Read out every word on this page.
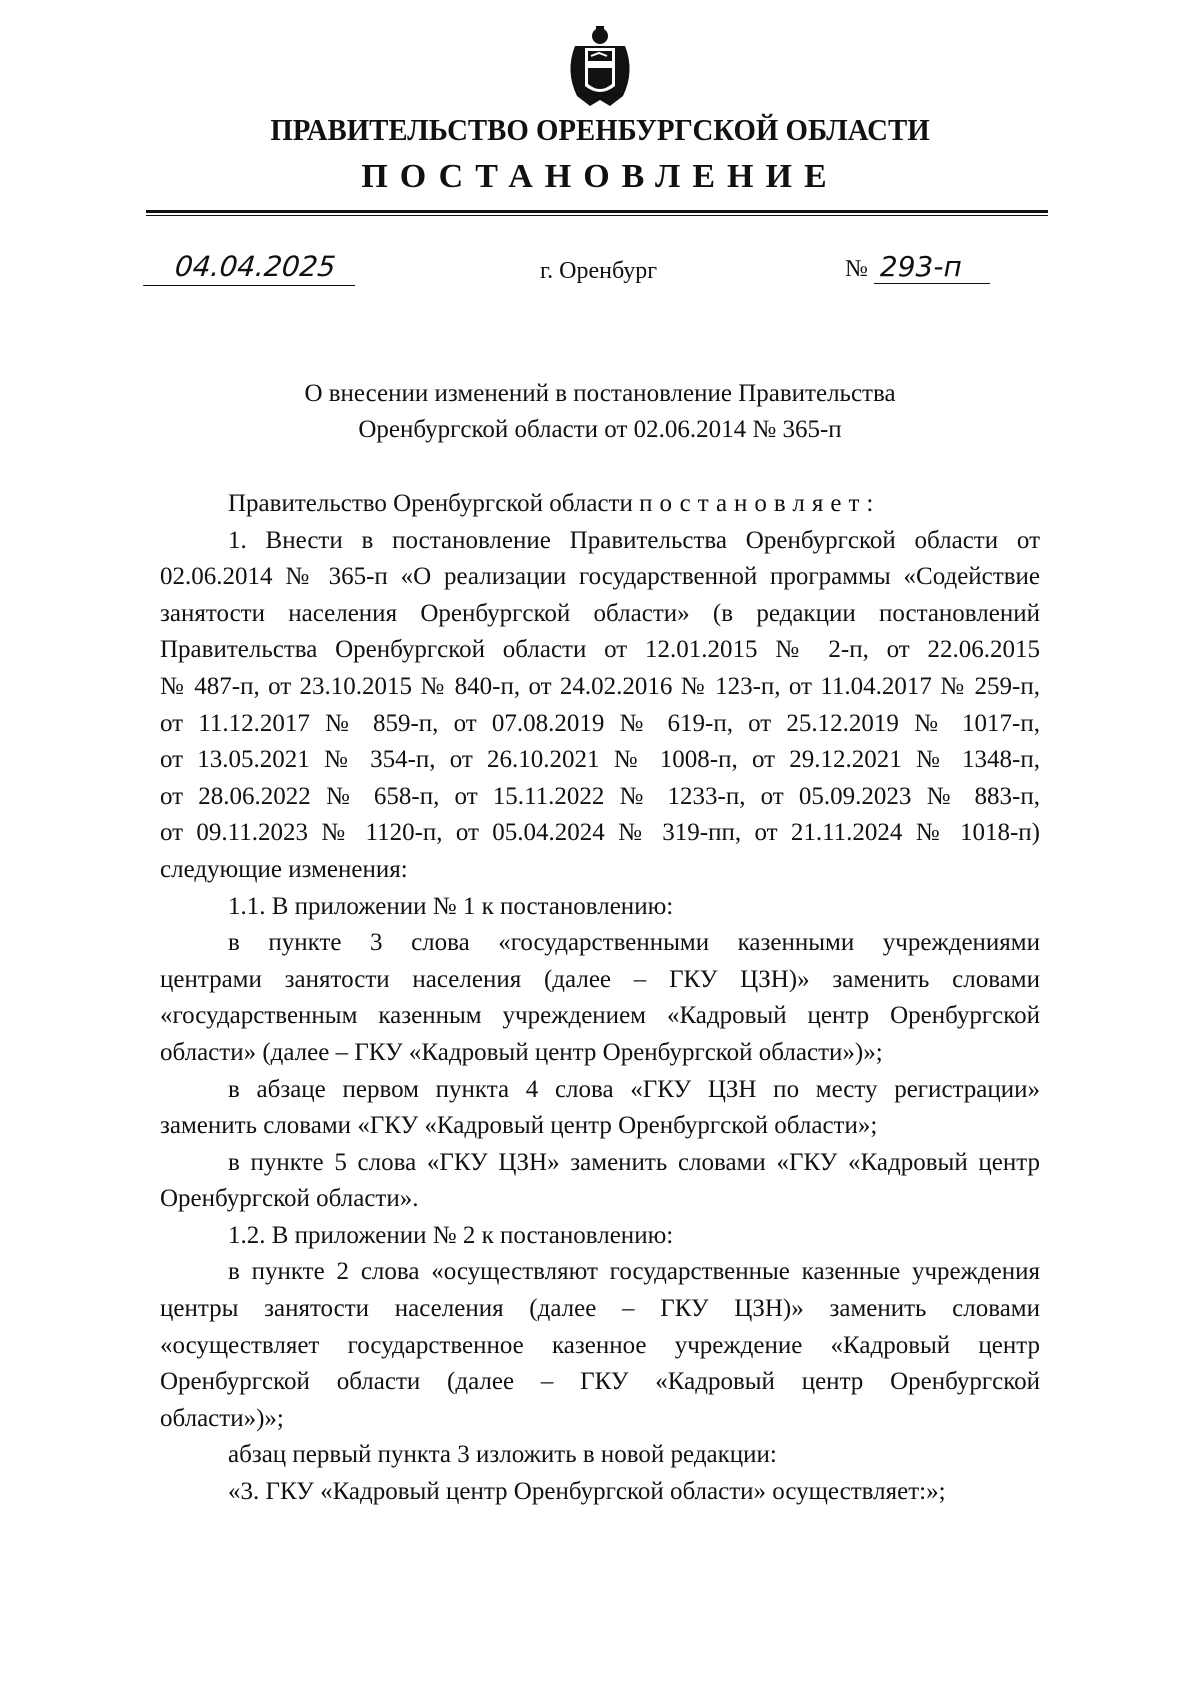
ПРАВИТЕЛЬСТВО ОРЕНБУРГСКОЙ ОБЛАСТИ
ПОСТАНОВЛЕНИЕ
04.04.2025	г. Оренбург	№ 293-п
О внесении изменений в постановление Правительства
Оренбургской области от 02.06.2014 № 365-п
Правительство Оренбургской области постановляет:
1. Внести в постановление Правительства Оренбургской области от
02.06.2014 № 365-п «О реализации государственной программы «Содействие
занятости населения Оренбургской области» (в редакции постановлений
Правительства Оренбургской области от 12.01.2015 № 2-п, от 22.06.2015
№ 487-п, от 23.10.2015 № 840-п, от 24.02.2016 № 123-п, от 11.04.2017 № 259-п,
от 11.12.2017 № 859-п, от 07.08.2019 № 619-п, от 25.12.2019 № 1017-п,
от 13.05.2021 № 354-п, от 26.10.2021 № 1008-п, от 29.12.2021 № 1348-п,
от 28.06.2022 № 658-п, от 15.11.2022 № 1233-п, от 05.09.2023 № 883-п,
от 09.11.2023 № 1120-п, от 05.04.2024 № 319-пп, от 21.11.2024 № 1018-п)
следующие изменения:
1.1. В приложении № 1 к постановлению:
в пункте 3 слова «государственными казенными учреждениями
центрами занятости населения (далее – ГКУ ЦЗН)» заменить словами
«государственным казенным учреждением «Кадровый центр Оренбургской
области» (далее – ГКУ «Кадровый центр Оренбургской области»)»;
в абзаце первом пункта 4 слова «ГКУ ЦЗН по месту регистрации»
заменить словами «ГКУ «Кадровый центр Оренбургской области»;
в пункте 5 слова «ГКУ ЦЗН» заменить словами «ГКУ «Кадровый центр
Оренбургской области».
1.2. В приложении № 2 к постановлению:
в пункте 2 слова «осуществляют государственные казенные учреждения
центры занятости населения (далее – ГКУ ЦЗН)» заменить словами
«осуществляет государственное казенное учреждение «Кадровый центр
Оренбургской области (далее – ГКУ «Кадровый центр Оренбургской
области»)»;
абзац первый пункта 3 изложить в новой редакции:
«3. ГКУ «Кадровый центр Оренбургской области» осуществляет:»;
